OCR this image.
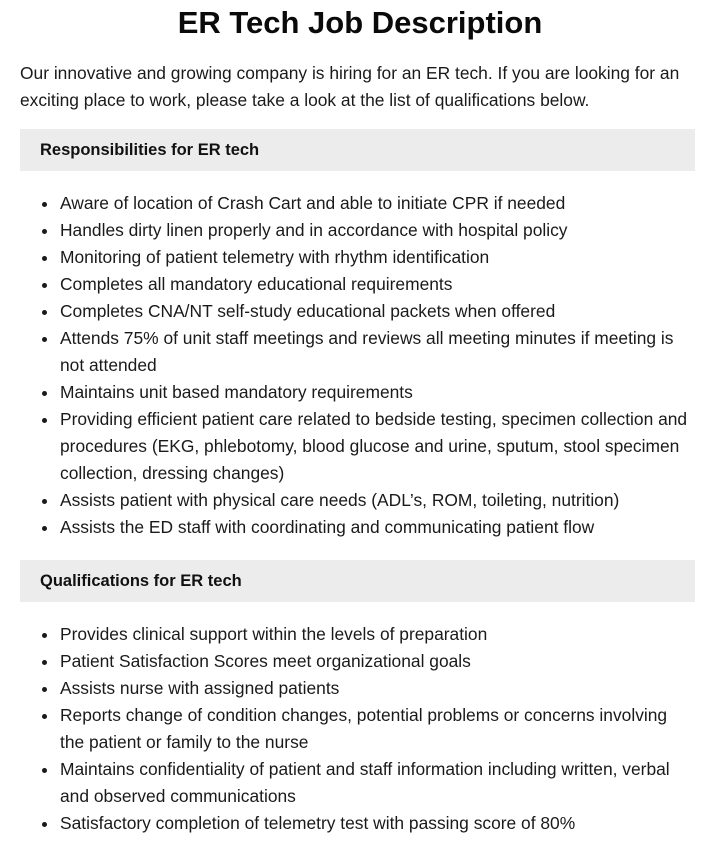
ER Tech Job Description

Our innovative and growing company is hiring for an ER tech. If you are looking for an exciting place to work, please take a look at the list of qualifications below.

Responsibilities for ER tech
Aware of location of Crash Cart and able to initiate CPR if needed
Handles dirty linen properly and in accordance with hospital policy
Monitoring of patient telemetry with rhythm identification
Completes all mandatory educational requirements
Completes CNA/NT self-study educational packets when offered
Attends 75% of unit staff meetings and reviews all meeting minutes if meeting is not attended
Maintains unit based mandatory requirements
Providing efficient patient care related to bedside testing, specimen collection and procedures (EKG, phlebotomy, blood glucose and urine, sputum, stool specimen collection, dressing changes)
Assists patient with physical care needs (ADL’s, ROM, toileting, nutrition)
Assists the ED staff with coordinating and communicating patient flow
Qualifications for ER tech
Provides clinical support within the levels of preparation
Patient Satisfaction Scores meet organizational goals
Assists nurse with assigned patients
Reports change of condition changes, potential problems or concerns involving the patient or family to the nurse
Maintains confidentiality of patient and staff information including written, verbal and observed communications
Satisfactory completion of telemetry test with passing score of 80%
